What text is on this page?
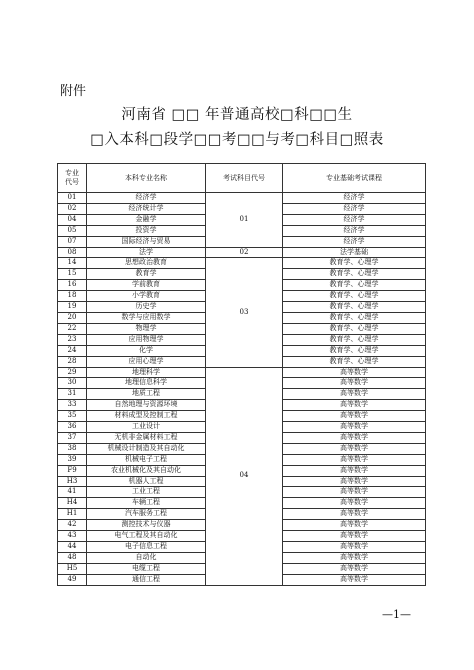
附件
河南省 □□ 年普通高校□科□□生
□入本科□段学□□考□□与考□科目□照表
专业代号	本科专业名称	考试科目代号	专业基础考试课程
01	经济学	01	经济学
02	经济统计学		经济学
04	金融学		经济学
05	投资学		经济学
07	国际经济与贸易		经济学
08	法学	02	法学基础
14	思想政治教育	03	教育学、心理学
15	教育学		教育学、心理学
16	学前教育		教育学、心理学
18	小学教育		教育学、心理学
19	历史学		教育学、心理学
20	数学与应用数学		教育学、心理学
22	物理学		教育学、心理学
23	应用物理学		教育学、心理学
24	化学		教育学、心理学
28	应用心理学		教育学、心理学
29	地理科学	04	高等数学
30	地理信息科学		高等数学
31	地质工程		高等数学
33	自然地理与资源环境		高等数学
35	材料成型及控制工程		高等数学
36	工业设计		高等数学
37	无机非金属材料工程		高等数学
38	机械设计制造及其自动化		高等数学
39	机械电子工程		高等数学
F9	农业机械化及其自动化		高等数学
H3	机器人工程		高等数学
41	工业工程		高等数学
H4	车辆工程		高等数学
H1	汽车服务工程		高等数学
42	测控技术与仪器		高等数学
43	电气工程及其自动化		高等数学
44	电子信息工程		高等数学
48	自动化		高等数学
H5	电缆工程		高等数学
49	通信工程		高等数学
—1—
